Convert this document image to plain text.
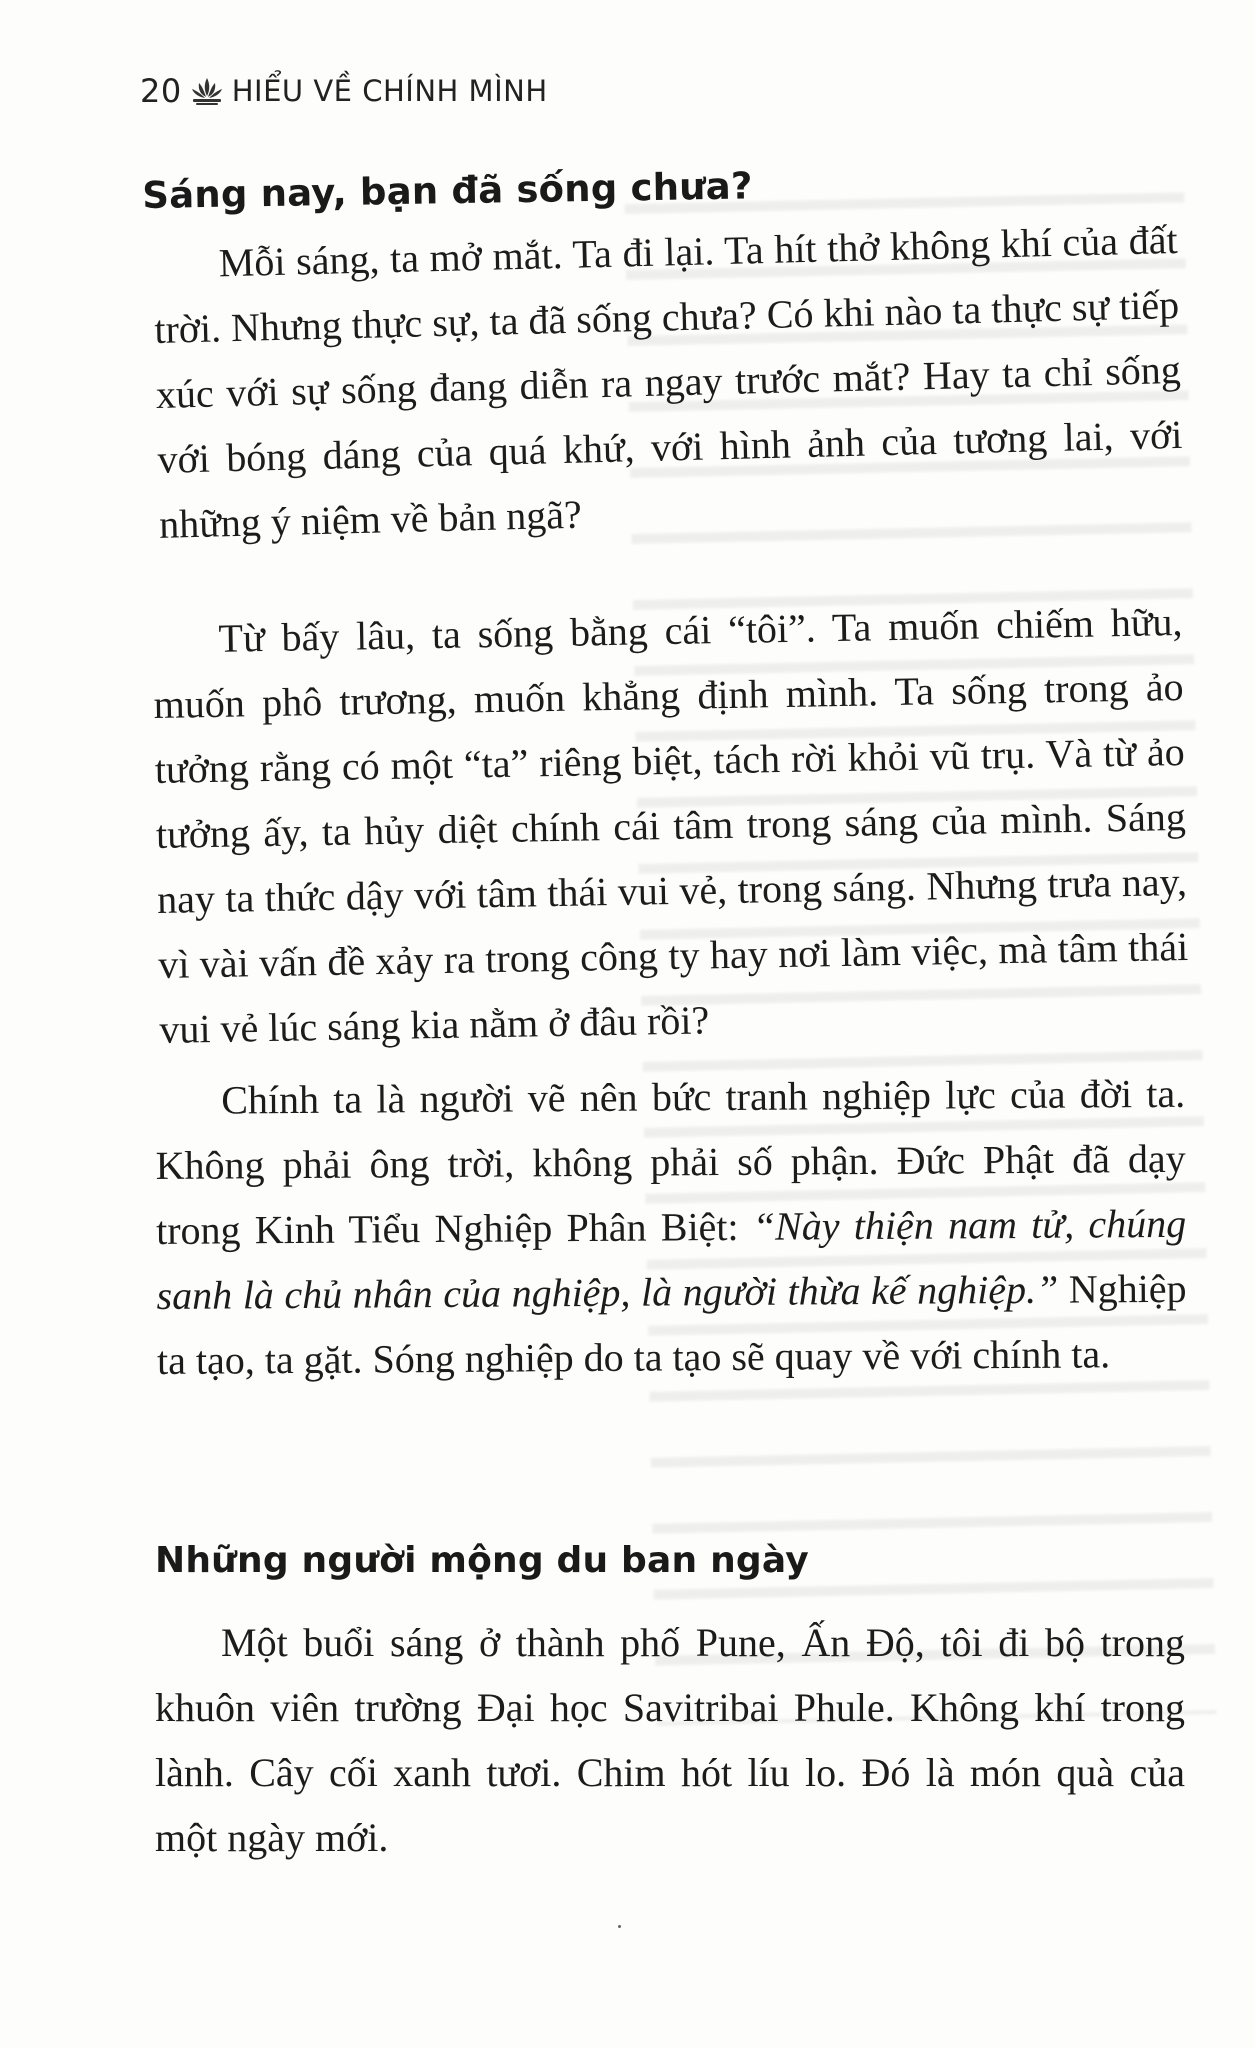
20 HIỂU VỀ CHÍNH MÌNH
Sáng nay, bạn đã sống chưa?

Mỗi sáng, ta mở mắt. Ta đi lại. Ta hít thở không khí của đất trời. Nhưng thực sự, ta đã sống chưa? Có khi nào ta thực sự tiếp xúc với sự sống đang diễn ra ngay trước mắt? Hay ta chỉ sống với bóng dáng của quá khứ, với hình ảnh của tương lai, với những ý niệm về bản ngã?

Từ bấy lâu, ta sống bằng cái “tôi”. Ta muốn chiếm hữu, muốn phô trương, muốn khẳng định mình. Ta sống trong ảo tưởng rằng có một “ta” riêng biệt, tách rời khỏi vũ trụ. Và từ ảo tưởng ấy, ta hủy diệt chính cái tâm trong sáng của mình. Sáng nay ta thức dậy với tâm thái vui vẻ, trong sáng. Nhưng trưa nay, vì vài vấn đề xảy ra trong công ty hay nơi làm việc, mà tâm thái vui vẻ lúc sáng kia nằm ở đâu rồi?

Chính ta là người vẽ nên bức tranh nghiệp lực của đời ta. Không phải ông trời, không phải số phận. Đức Phật đã dạy trong Kinh Tiểu Nghiệp Phân Biệt: “Này thiện nam tử, chúng sanh là chủ nhân của nghiệp, là người thừa kế nghiệp.” Nghiệp ta tạo, ta gặt. Sóng nghiệp do ta tạo sẽ quay về với chính ta.

Những người mộng du ban ngày

Một buổi sáng ở thành phố Pune, Ấn Độ, tôi đi bộ trong khuôn viên trường Đại học Savitribai Phule. Không khí trong lành. Cây cối xanh tươi. Chim hót líu lo. Đó là món quà của một ngày mới.
